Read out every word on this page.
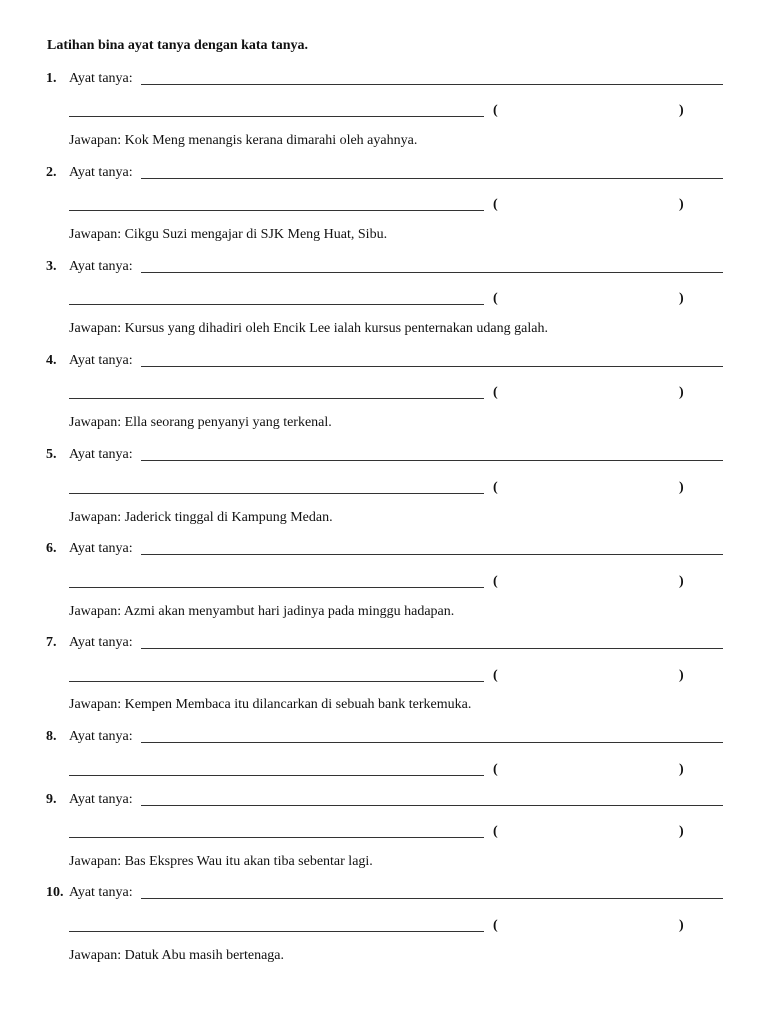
Latihan bina ayat tanya dengan kata tanya.
1. Ayat tanya:
(	)
Jawapan: Kok Meng menangis kerana dimarahi oleh ayahnya.
2. Ayat tanya:
(	)
Jawapan: Cikgu Suzi mengajar di SJK Meng Huat, Sibu.
3. Ayat tanya:
(	)
Jawapan: Kursus yang dihadiri oleh Encik Lee ialah kursus penternakan udang galah.
4. Ayat tanya:
(	)
Jawapan: Ella seorang penyanyi yang terkenal.
5. Ayat tanya:
(	)
Jawapan: Jaderick tinggal di Kampung Medan.
6. Ayat tanya:
(	)
Jawapan: Azmi akan menyambut hari jadinya pada minggu hadapan.
7. Ayat tanya:
(	)
Jawapan: Kempen Membaca itu dilancarkan di sebuah bank terkemuka.
8. Ayat tanya:
(	)
9. Ayat tanya:
(	)
Jawapan: Bas Ekspres Wau itu akan tiba sebentar lagi.
10. Ayat tanya:
(	)
Jawapan: Datuk Abu masih bertenaga.
